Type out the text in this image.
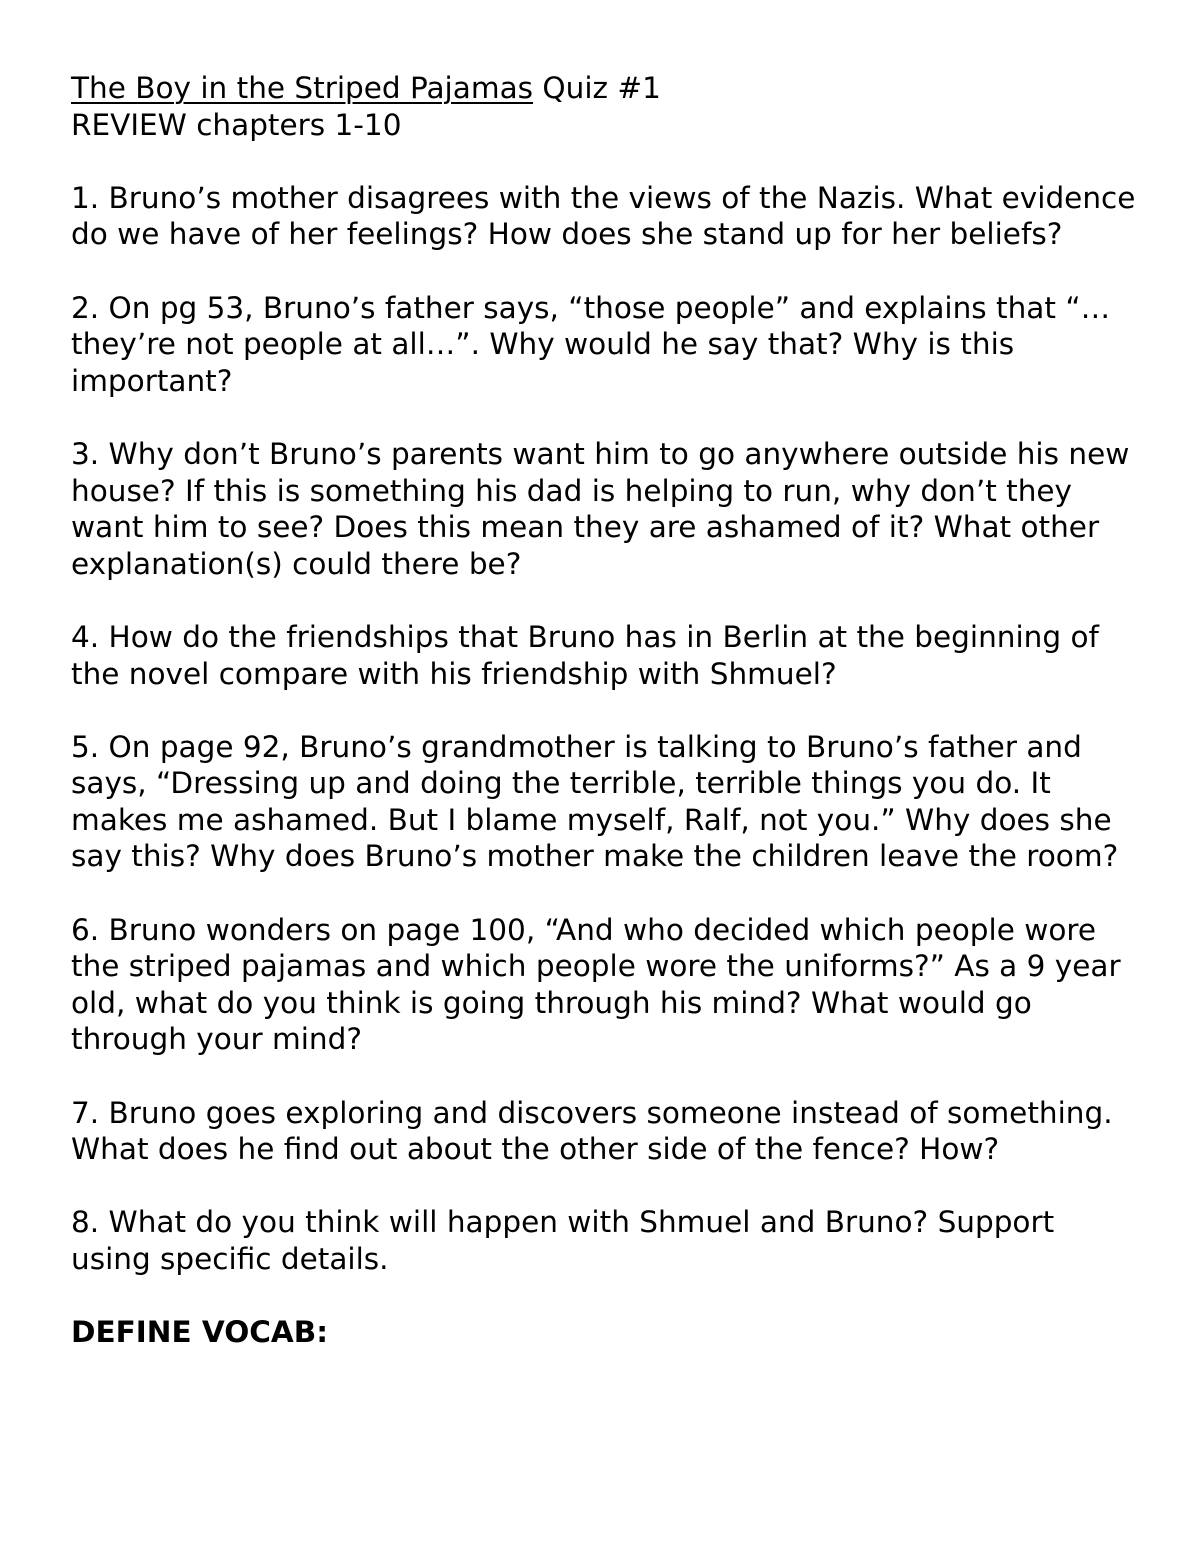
The Boy in the Striped Pajamas Quiz #1

REVIEW chapters 1-10

1. Bruno’s mother disagrees with the views of the Nazis. What evidence do we have of her feelings? How does she stand up for her beliefs?

2. On pg 53, Bruno’s father says, “those people” and explains that “…they’re not people at all…”. Why would he say that? Why is this important?

3. Why don’t Bruno’s parents want him to go anywhere outside his new house? If this is something his dad is helping to run, why don’t they want him to see? Does this mean they are ashamed of it? What other explanation(s) could there be?

4. How do the friendships that Bruno has in Berlin at the beginning of the novel compare with his friendship with Shmuel?

5. On page 92, Bruno’s grandmother is talking to Bruno’s father and says, “Dressing up and doing the terrible, terrible things you do. It makes me ashamed. But I blame myself, Ralf, not you.” Why does she say this? Why does Bruno’s mother make the children leave the room?

6. Bruno wonders on page 100, “And who decided which people wore the striped pajamas and which people wore the uniforms?” As a 9 year old, what do you think is going through his mind? What would go through your mind?

7. Bruno goes exploring and discovers someone instead of something. What does he find out about the other side of the fence? How?

8. What do you think will happen with Shmuel and Bruno? Support using specific details.

DEFINE VOCAB:
